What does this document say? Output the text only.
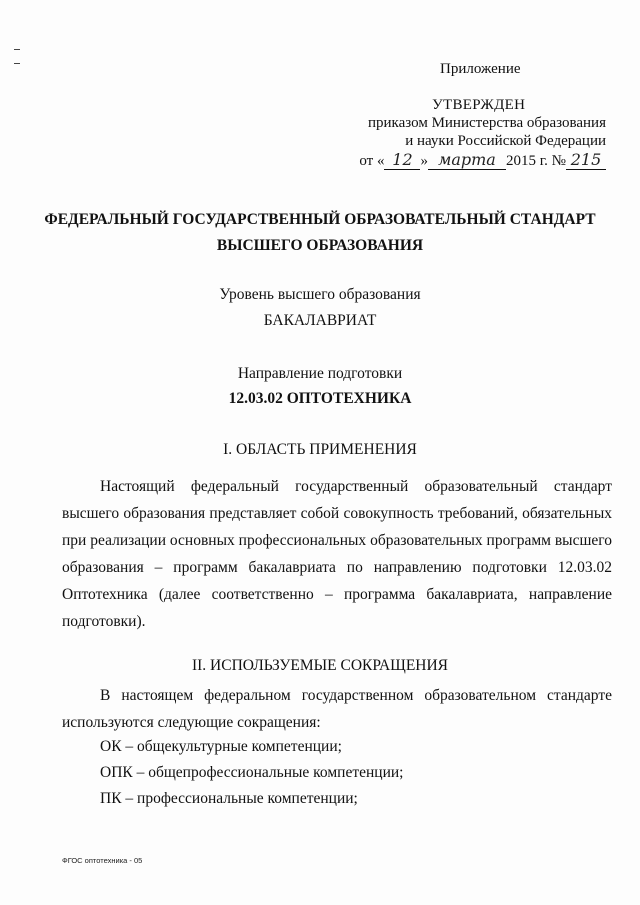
Приложение
УТВЕРЖДЕН
приказом Министерства образования
и науки Российской Федерации
от « 12 » марта 2015 г. № 215
ФЕДЕРАЛЬНЫЙ ГОСУДАРСТВЕННЫЙ ОБРАЗОВАТЕЛЬНЫЙ СТАНДАРТ
ВЫСШЕГО ОБРАЗОВАНИЯ
Уровень высшего образования
БАКАЛАВРИАТ
Направление подготовки
12.03.02 ОПТОТЕХНИКА
I. ОБЛАСТЬ ПРИМЕНЕНИЯ
Настоящий федеральный государственный образовательный стандарт высшего образования представляет собой совокупность требований, обязательных при реализации основных профессиональных образовательных программ высшего образования – программ бакалавриата по направлению подготовки 12.03.02 Оптотехника (далее соответственно – программа бакалавриата, направление подготовки).
II. ИСПОЛЬЗУЕМЫЕ СОКРАЩЕНИЯ
В настоящем федеральном государственном образовательном стандарте используются следующие сокращения:
ОК – общекультурные компетенции;
ОПК – общепрофессиональные компетенции;
ПК – профессиональные компетенции;
ФГОС оптотехника - 05
